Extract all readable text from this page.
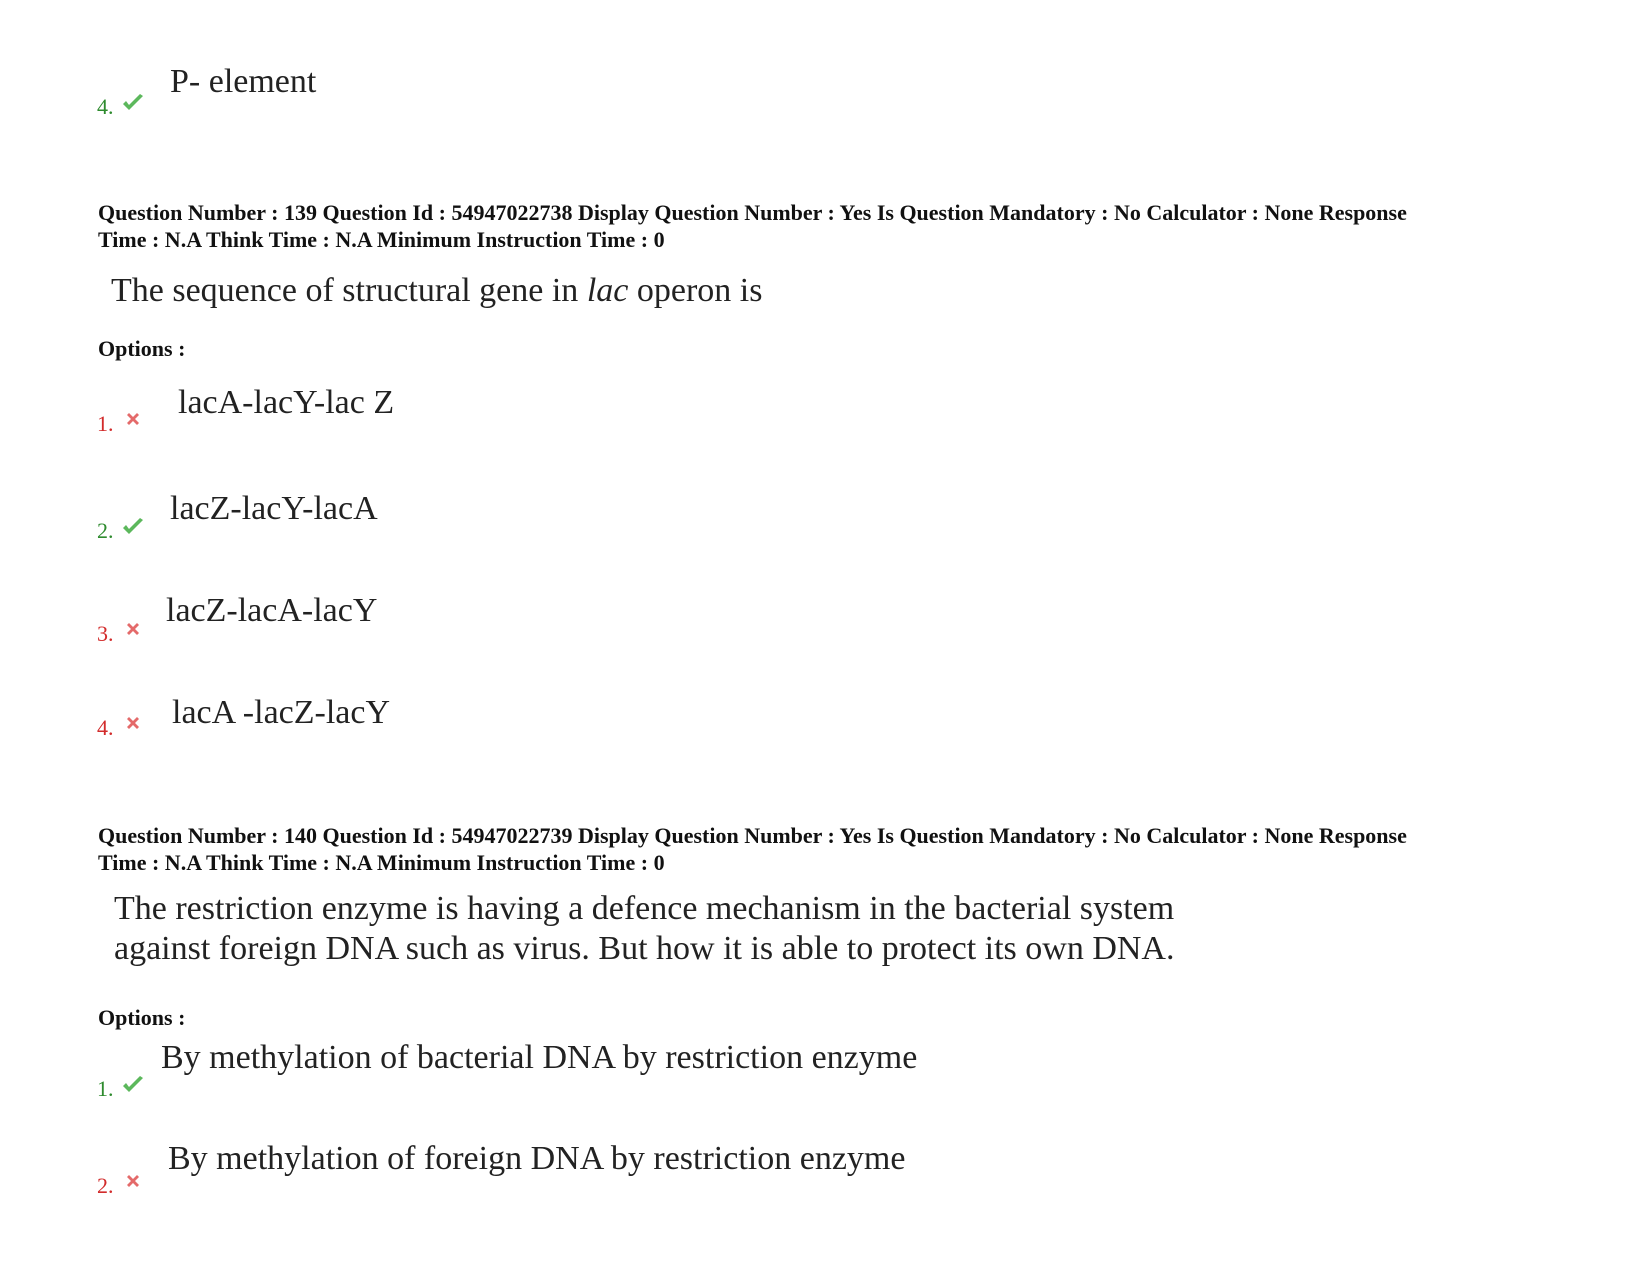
4.
P- element
Question Number : 139 Question Id : 54947022738 Display Question Number : Yes Is Question Mandatory : No Calculator : None Response
Time : N.A Think Time : N.A Minimum Instruction Time : 0
The sequence of structural gene in lac operon is
Options :
1.
lacA-lacY-lac Z
2.
lacZ-lacY-lacA
3.
lacZ-lacA-lacY
4. lacA -lacZ-lacY
Question Number : 140 Question Id : 54947022739 Display Question Number : Yes Is Question Mandatory : No Calculator : None Response
Time : N.A Think Time : N.A Minimum Instruction Time : 0
The restriction enzyme is having a defence mechanism in the bacterial system
against foreign DNA such as virus. But how it is able to protect its own DNA.
Options :
1.
By methylation of bacterial DNA by restriction enzyme
2.
By methylation of foreign DNA by restriction enzyme
